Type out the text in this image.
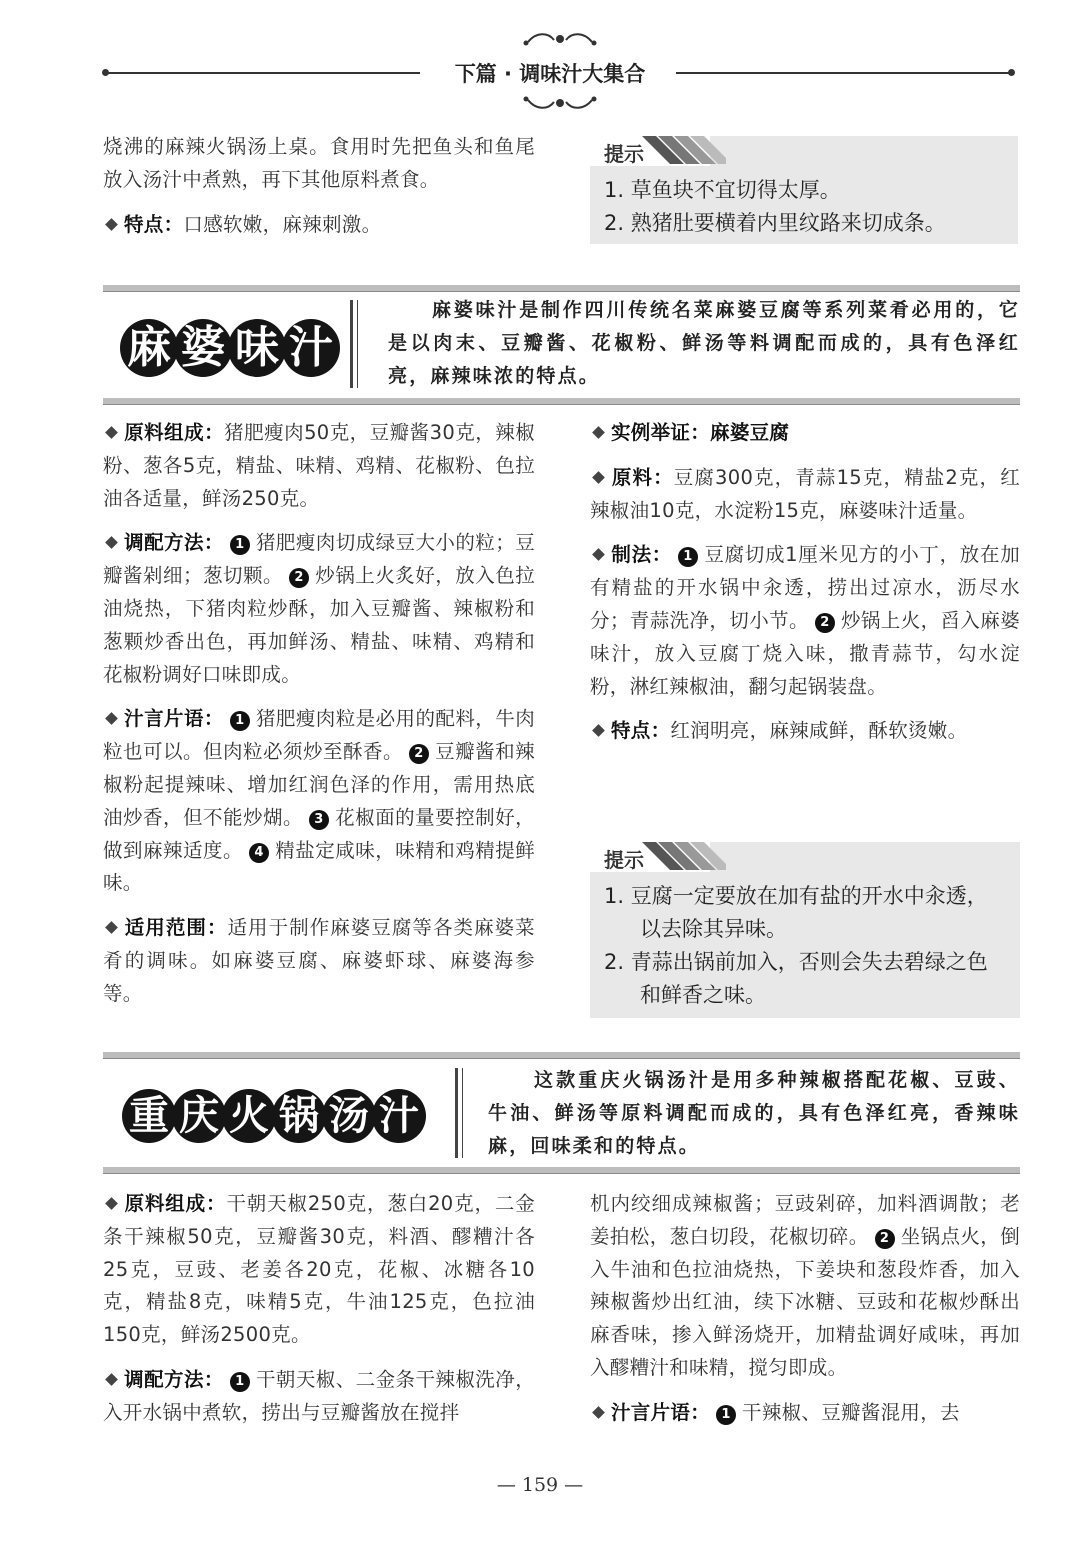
下篇 · 调味汁大集合

烧沸的麻辣火锅汤上桌。食用时先把鱼头和鱼尾放入汤汁中煮熟，再下其他原料煮食。

特点：口感软嫩，麻辣刺激。

提示
1. 草鱼块不宜切得太厚。
2. 熟猪肚要横着内里纹路来切成条。
麻 婆 味 汁
麻婆味汁是制作四川传统名菜麻婆豆腐等系列菜肴必用的，它是以肉末、豆瓣酱、花椒粉、鲜汤等料调配而成的，具有色泽红亮，麻辣味浓的特点。

原料组成：猪肥瘦肉50克，豆瓣酱30克，辣椒粉、葱各5克，精盐、味精、鸡精、花椒粉、色拉油各适量，鲜汤250克。

调配方法： 1 猪肥瘦肉切成绿豆大小的粒；豆瓣酱剁细；葱切颗。 2 炒锅上火炙好，放入色拉油烧热，下猪肉粒炒酥，加入豆瓣酱、辣椒粉和葱颗炒香出色，再加鲜汤、精盐、味精、鸡精和花椒粉调好口味即成。

汁言片语： 1 猪肥瘦肉粒是必用的配料，牛肉粒也可以。但肉粒必须炒至酥香。 2 豆瓣酱和辣椒粉起提辣味、增加红润色泽的作用，需用热底油炒香，但不能炒煳。 3 花椒面的量要控制好，做到麻辣适度。 4 精盐定咸味，味精和鸡精提鲜味。

适用范围：适用于制作麻婆豆腐等各类麻婆菜肴的调味。如麻婆豆腐、麻婆虾球、麻婆海参等。

实例举证：麻婆豆腐

原料：豆腐300克，青蒜15克，精盐2克，红辣椒油10克，水淀粉15克，麻婆味汁适量。

制法： 1 豆腐切成1厘米见方的小丁，放在加有精盐的开水锅中汆透，捞出过凉水，沥尽水分；青蒜洗净，切小节。 2 炒锅上火，舀入麻婆味汁，放入豆腐丁烧入味，撒青蒜节，勾水淀粉，淋红辣椒油，翻匀起锅装盘。

特点：红润明亮，麻辣咸鲜，酥软烫嫩。

提示
1. 豆腐一定要放在加有盐的开水中汆透，以去除其异味。
2. 青蒜出锅前加入，否则会失去碧绿之色和鲜香之味。
重 庆 火 锅 汤 汁
这款重庆火锅汤汁是用多种辣椒搭配花椒、豆豉、牛油、鲜汤等原料调配而成的，具有色泽红亮，香辣味麻，回味柔和的特点。

原料组成：干朝天椒250克，葱白20克，二金条干辣椒50克，豆瓣酱30克，料酒、醪糟汁各25克，豆豉、老姜各20克，花椒、冰糖各10克，精盐8克，味精5克，牛油125克，色拉油150克，鲜汤2500克。

调配方法： 1 干朝天椒、二金条干辣椒洗净，入开水锅中煮软，捞出与豆瓣酱放在搅拌

机内绞细成辣椒酱；豆豉剁碎，加料酒调散；老姜拍松，葱白切段，花椒切碎。 2 坐锅点火，倒入牛油和色拉油烧热，下姜块和葱段炸香，加入辣椒酱炒出红油，续下冰糖、豆豉和花椒炒酥出麻香味，掺入鲜汤烧开，加精盐调好咸味，再加入醪糟汁和味精，搅匀即成。

汁言片语： 1 干辣椒、豆瓣酱混用，去

— 159 —
